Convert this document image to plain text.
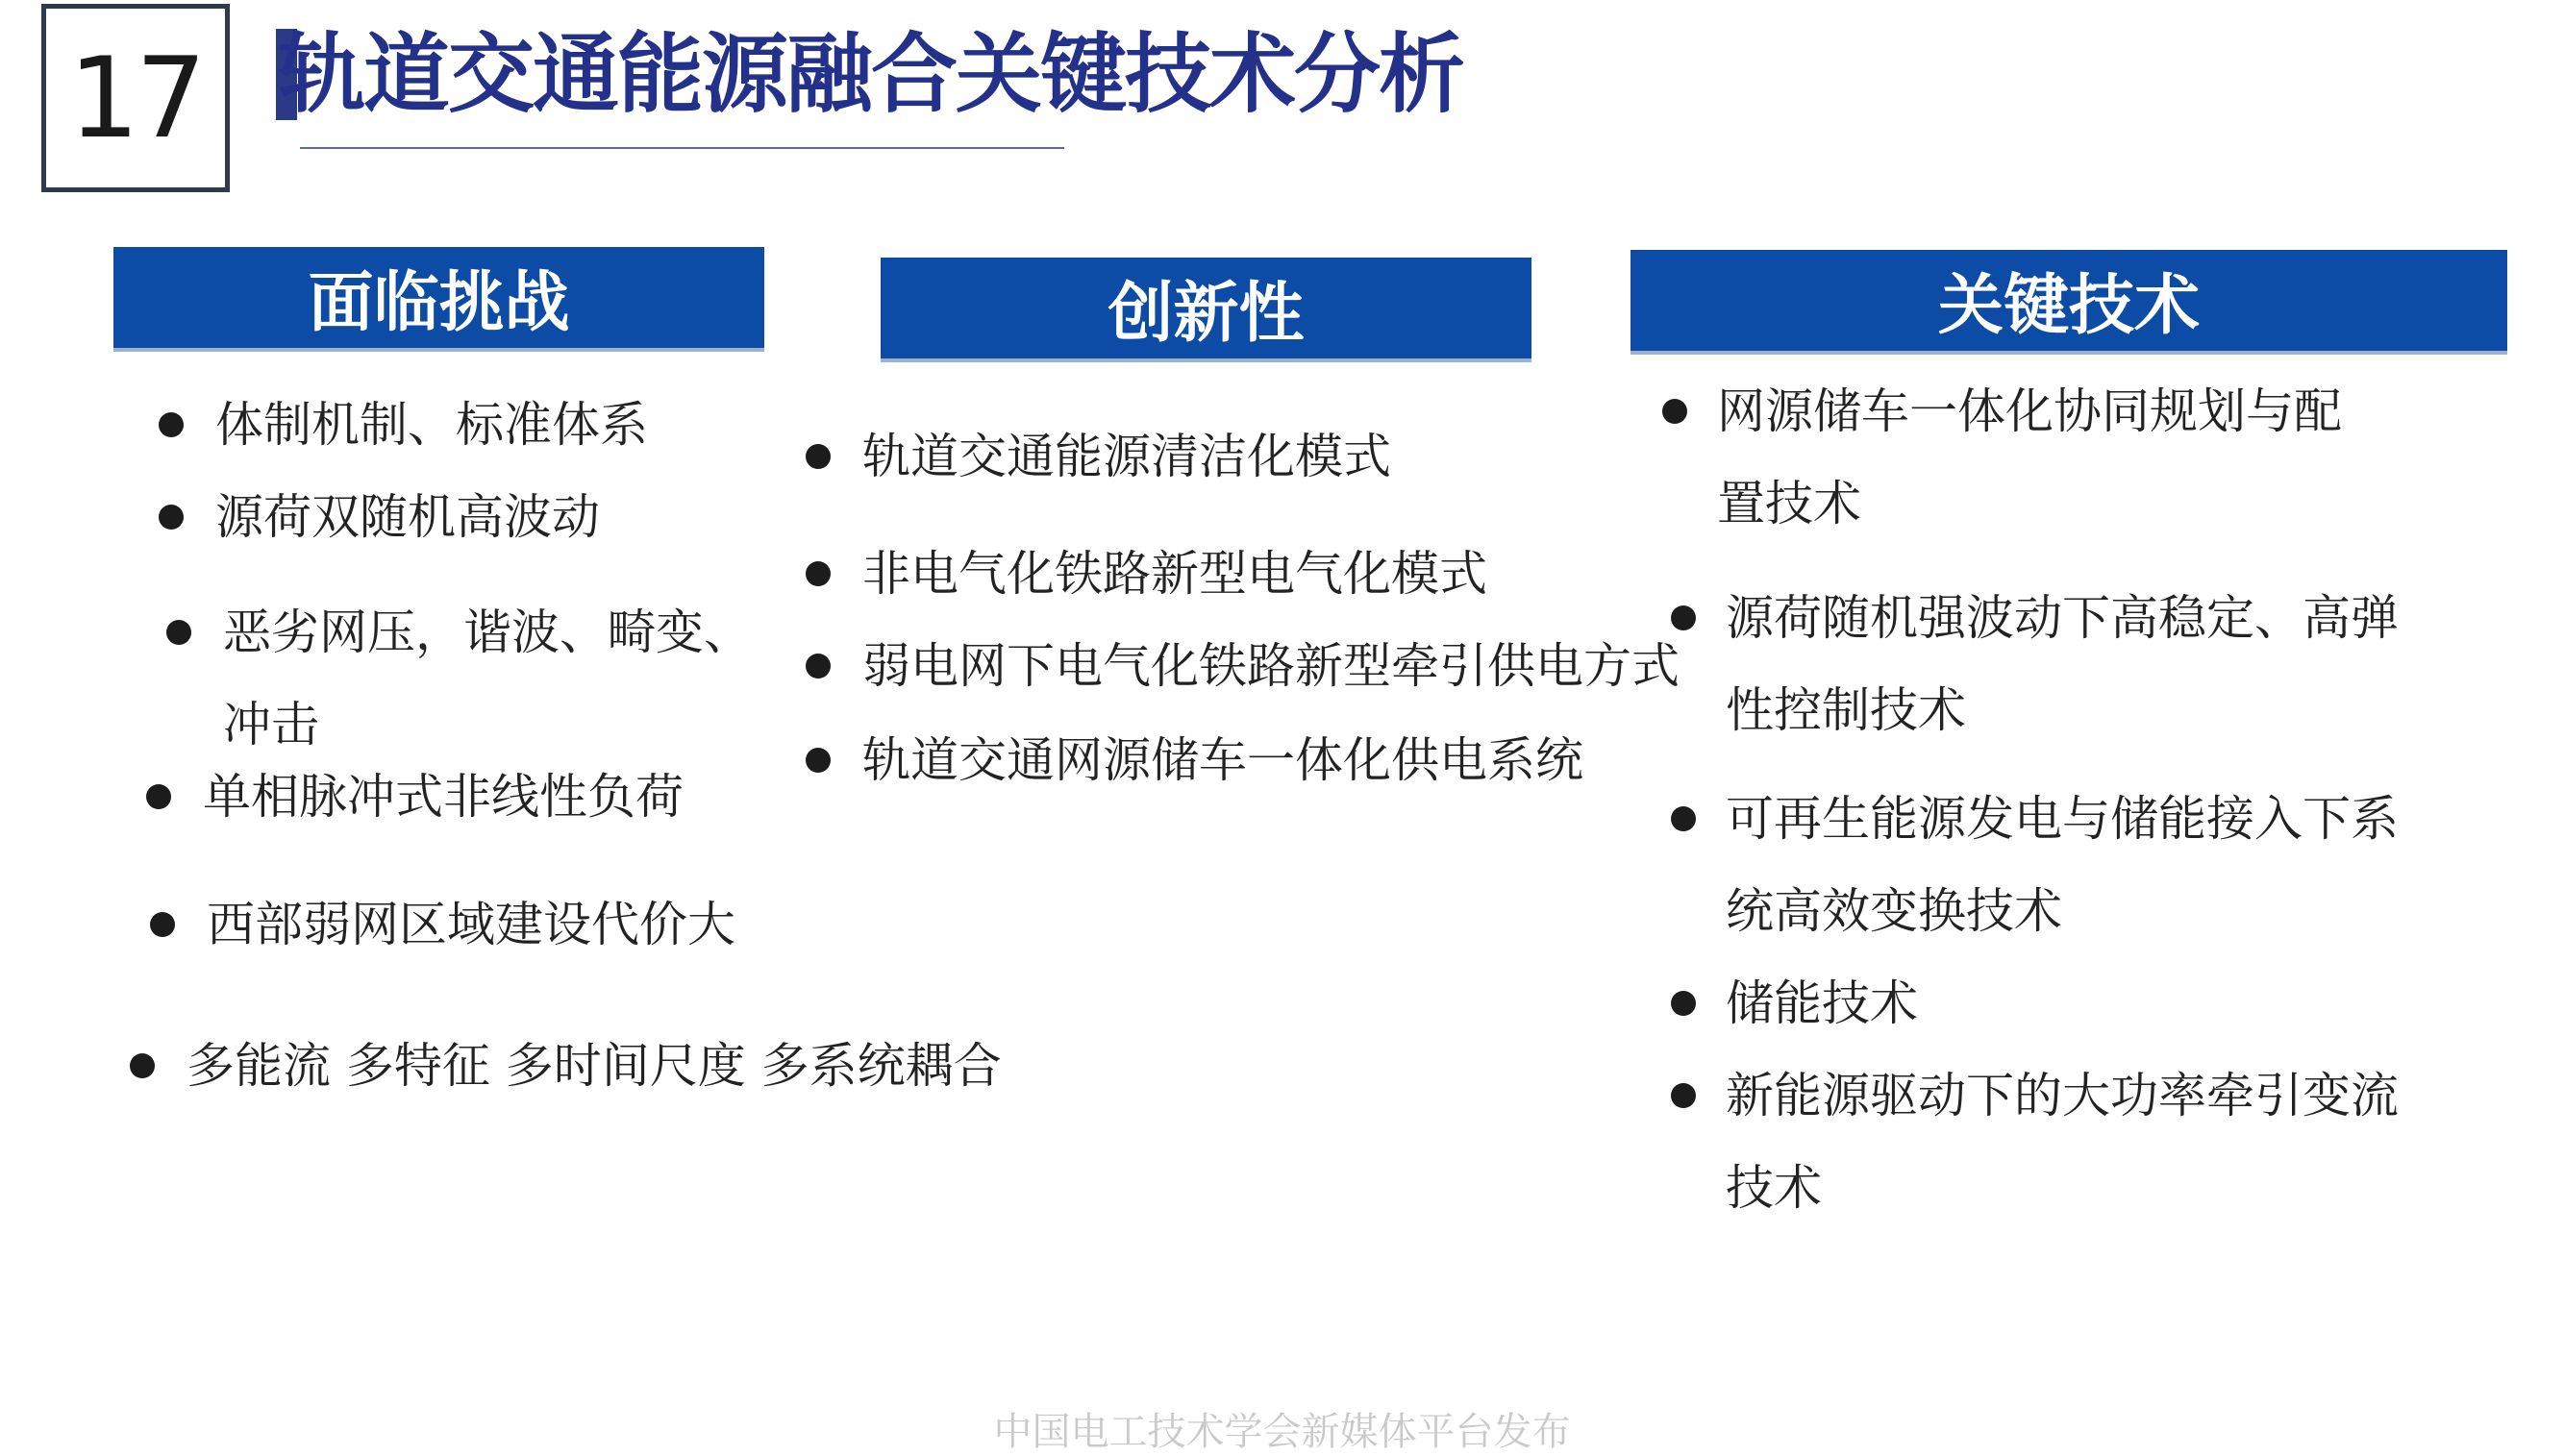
17 轨道交通能源融合关键技术分析
面临挑战
体制机制、标准体系
源荷双随机高波动
恶劣网压，谐波、畸变、
冲击
单相脉冲式非线性负荷
西部弱网区域建设代价大
多能流 多特征 多时间尺度 多系统耦合
创新性
轨道交通能源清洁化模式
非电气化铁路新型电气化模式
弱电网下电气化铁路新型牵引供电方式
轨道交通网源储车一体化供电系统
关键技术
网源储车一体化协同规划与配
置技术
源荷随机强波动下高稳定、高弹
性控制技术
可再生能源发电与储能接入下系
统高效变换技术
储能技术
新能源驱动下的大功率牵引变流
技术
中国电工技术学会新媒体平台发布
